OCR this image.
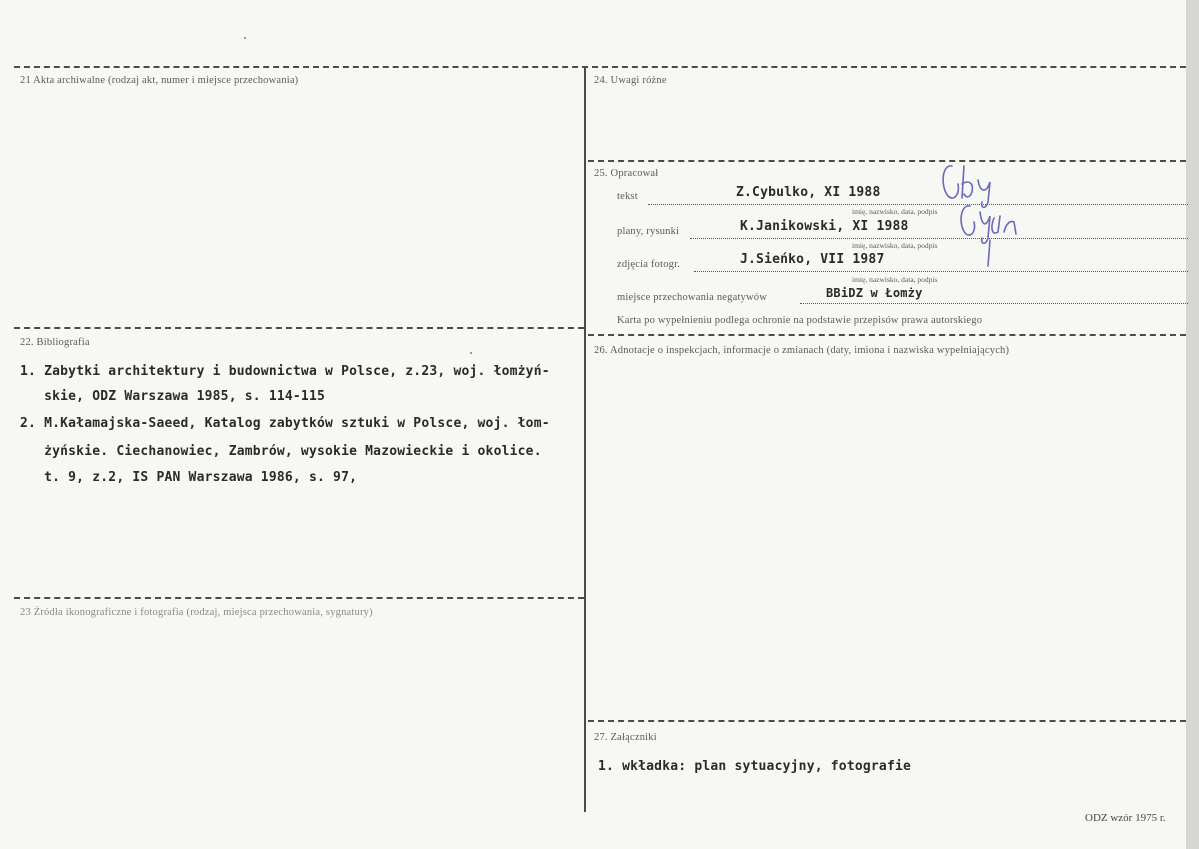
21 Akta archiwalne (rodzaj akt, numer i miejsce przechowania)
22. Bibliografia
1. Zabytki architektury i budownictwa w Polsce, z.23, woj. łomżyń-
skie, ODZ Warszawa 1985, s. 114-115
2. M.Kałamajska-Saeed, Katalog zabytków sztuki w Polsce, woj. łom-
żyńskie. Ciechanowiec, Zambrów, wysokie Mazowieckie i okolice.
t. 9, z.2, IS PAN Warszawa 1986, s. 97,
23 Źródła ikonograficzne i fotografia (rodzaj, miejsca przechowania, sygnatury)
24. Uwagi różne
25. Opracował
tekst	Z.Cybulko, XI 1988
imię, nazwisko, data, podpis
plany, rysunki	K.Janikowski, XI 1988
imię, nazwisko, data, podpis
zdjęcia fotogr.	J.Sieńko, VII 1987
imię, nazwisko, data, podpis
miejsce przechowania negatywów	BBiDZ w Łomży
Karta po wypełnieniu podlega ochronie na podstawie przepisów prawa autorskiego
26. Adnotacje o inspekcjach, informacje o zmianach (daty, imiona i nazwiska wypełniających)
27. Załączniki
1. wkładka: plan sytuacyjny, fotografie
ODZ wzór 1975 r.
